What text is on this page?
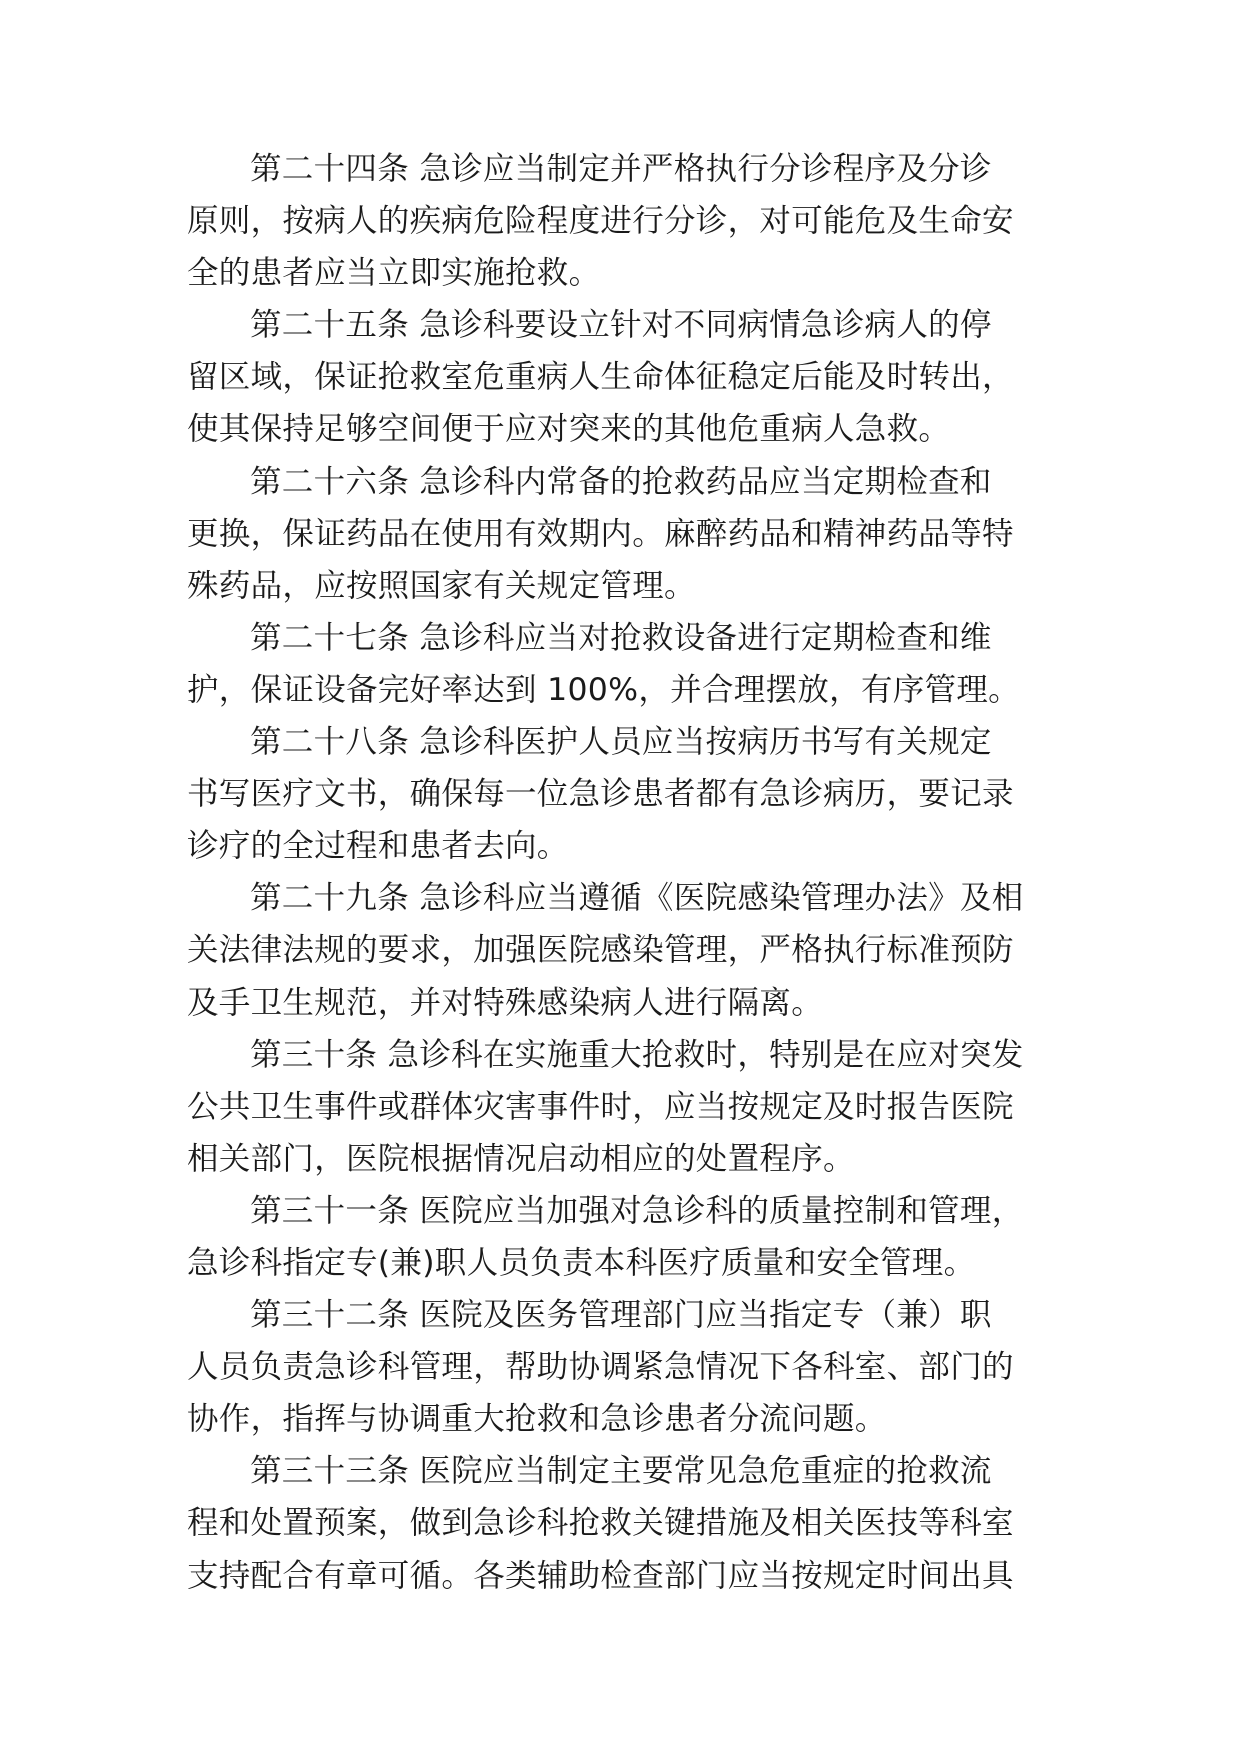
第二十四条 急诊应当制定并严格执行分诊程序及分诊
原则，按病人的疾病危险程度进行分诊，对可能危及生命安
全的患者应当立即实施抢救。
第二十五条 急诊科要设立针对不同病情急诊病人的停
留区域，保证抢救室危重病人生命体征稳定后能及时转出，
使其保持足够空间便于应对突来的其他危重病人急救。
第二十六条 急诊科内常备的抢救药品应当定期检查和
更换，保证药品在使用有效期内。麻醉药品和精神药品等特
殊药品，应按照国家有关规定管理。
第二十七条 急诊科应当对抢救设备进行定期检查和维
护，保证设备完好率达到 100%，并合理摆放，有序管理。
第二十八条 急诊科医护人员应当按病历书写有关规定
书写医疗文书，确保每一位急诊患者都有急诊病历，要记录
诊疗的全过程和患者去向。
第二十九条 急诊科应当遵循《医院感染管理办法》及相
关法律法规的要求，加强医院感染管理，严格执行标准预防
及手卫生规范，并对特殊感染病人进行隔离。
第三十条 急诊科在实施重大抢救时，特别是在应对突发
公共卫生事件或群体灾害事件时，应当按规定及时报告医院
相关部门，医院根据情况启动相应的处置程序。
第三十一条 医院应当加强对急诊科的质量控制和管理，
急诊科指定专(兼)职人员负责本科医疗质量和安全管理。
第三十二条 医院及医务管理部门应当指定专（兼）职
人员负责急诊科管理，帮助协调紧急情况下各科室、部门的
协作，指挥与协调重大抢救和急诊患者分流问题。
第三十三条 医院应当制定主要常见急危重症的抢救流
程和处置预案，做到急诊科抢救关键措施及相关医技等科室
支持配合有章可循。各类辅助检查部门应当按规定时间出具
